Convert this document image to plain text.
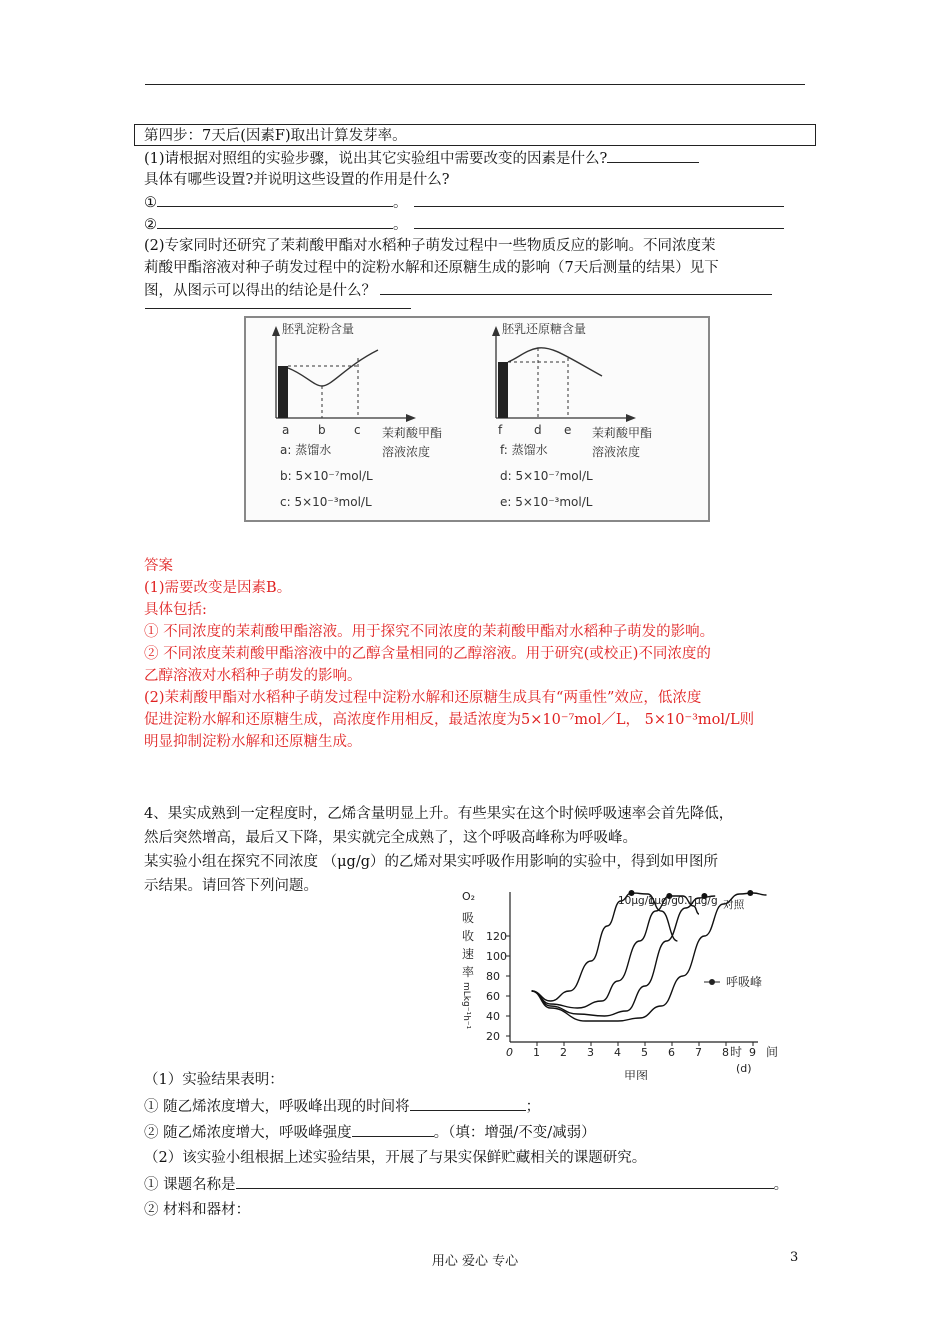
第四步：7天后(因素F)取出计算发芽率。
(1)请根据对照组的实验步骤，说出其它实验组中需要改变的因素是什么?
具体有哪些设置?并说明这些设置的作用是什么?
①	。
②	。
(2)专家同时还研究了茉莉酸甲酯对水稻种子萌发过程中一些物质反应的影响。不同浓度茉
莉酸甲酯溶液对种子萌发过程中的淀粉水解和还原糖生成的影响（7天后测量的结果）见下
图，从图示可以得出的结论是什么？
胚乳淀粉含量
a b c 茉莉酸甲酯
溶液浓度
a: 蒸馏水
b: 5×10⁻⁷mol/L
c: 5×10⁻³mol/L
胚乳还原糖含量
f	d e 茉莉酸甲酯
溶液浓度
f: 蒸馏水
d: 5×10⁻⁷mol/L
e: 5×10⁻³mol/L
答案
(1)需要改变是因素B。
具体包括:
① 不同浓度的茉莉酸甲酯溶液。用于探究不同浓度的茉莉酸甲酯对水稻种子萌发的影响。
② 不同浓度茉莉酸甲酯溶液中的乙醇含量相同的乙醇溶液。用于研究(或校正)不同浓度的
乙醇溶液对水稻种子萌发的影响。
(2)茉莉酸甲酯对水稻种子萌发过程中淀粉水解和还原糖生成具有“两重性”效应，低浓度
促进淀粉水解和还原糖生成，高浓度作用相反，最适浓度为5×10⁻⁷mol／L， 5×10⁻³mol/L则
明显抑制淀粉水解和还原糖生成。
4、果实成熟到一定程度时，乙烯含量明显上升。有些果实在这个时候呼吸速率会首先降低，
然后突然增高，最后又下降，果实就完全成熟了，这个呼吸高峰称为呼吸峰。
某实验小组在探究不同浓度 （μg/g）的乙烯对果实呼吸作用影响的实验中，得到如甲图所
示结果。请回答下列问题。
O₂
吸
收
速
率
mLkg⁻¹h⁻¹
时 间
(d)
甲图
呼吸峰
20
40
60
80
100
120
0 1 2 3 4 5 6 7 8 9
10μg/g
1μg/g 0.1μg/g 对照
（1）实验结果表明：
① 随乙烯浓度增大，呼吸峰出现的时间将	；
② 随乙烯浓度增大，呼吸峰强度	。（填：增强/不变/减弱）
（2）该实验小组根据上述实验结果，开展了与果实保鲜贮藏相关的课题研究。
① 课题名称是	。
② 材料和器材：
用心 爱心 专心	3
